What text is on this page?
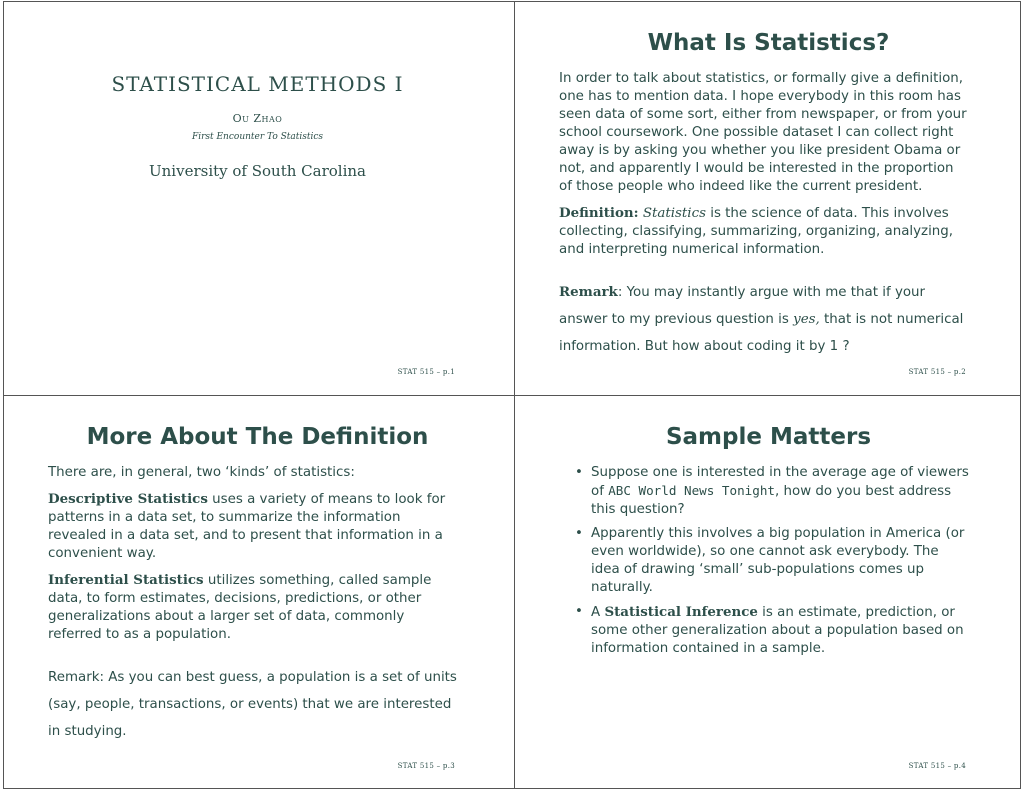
STATISTICAL METHODS I
Ou Zhao
First Encounter To Statistics
University of South Carolina
STAT 515 – p.1
What Is Statistics?

In order to talk about statistics, or formally give a definition, one has to mention data. I hope everybody in this room has seen data of some sort, either from newspaper, or from your school coursework. One possible dataset I can collect right away is by asking you whether you like president Obama or not, and apparently I would be interested in the proportion of those people who indeed like the current president.

Definition: Statistics is the science of data. This involves collecting, classifying, summarizing, organizing, analyzing, and interpreting numerical information.

Remark: You may instantly argue with me that if your answer to my previous question is yes, that is not numerical information. But how about coding it by 1 ?

STAT 515 – p.2
More About The Definition

There are, in general, two ‘kinds’ of statistics:

Descriptive Statistics uses a variety of means to look for patterns in a data set, to summarize the information revealed in a data set, and to present that information in a convenient way.

Inferential Statistics utilizes something, called sample data, to form estimates, decisions, predictions, or other generalizations about a larger set of data, commonly referred to as a population.

Remark: As you can best guess, a population is a set of units (say, people, transactions, or events) that we are interested in studying.

STAT 515 – p.3
Sample Matters
• Suppose one is interested in the average age of viewers of ABC World News Tonight, how do you best address this question?
• Apparently this involves a big population in America (or even worldwide), so one cannot ask everybody. The idea of drawing ‘small’ sub-populations comes up naturally.
• A Statistical Inference is an estimate, prediction, or some other generalization about a population based on information contained in a sample.
STAT 515 – p.4
